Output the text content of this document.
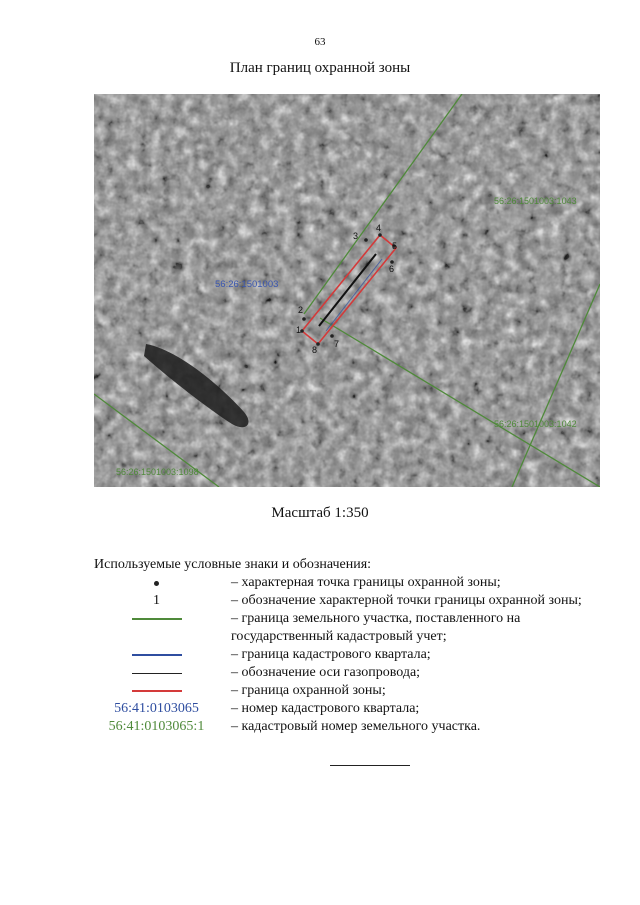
63
План границ охранной зоны
1
2
3
4
5
6
7
8
56:26:1501003
56:26:1501003:1043
56:26:1501003:1042
56:26:1501003:1098
Масштаб 1:350
Используемые условные знаки и обозначения:
– характерная точка границы охранной зоны;
1	– обозначение характерной точки границы охранной зоны;
– граница земельного участка, поставленного на государственный кадастровый учет;
– граница кадастрового квартала;
– обозначение оси газопровода;
– граница охранной зоны;
56:41:0103065	– номер кадастрового квартала;
56:41:0103065:1	– кадастровый номер земельного участка.
